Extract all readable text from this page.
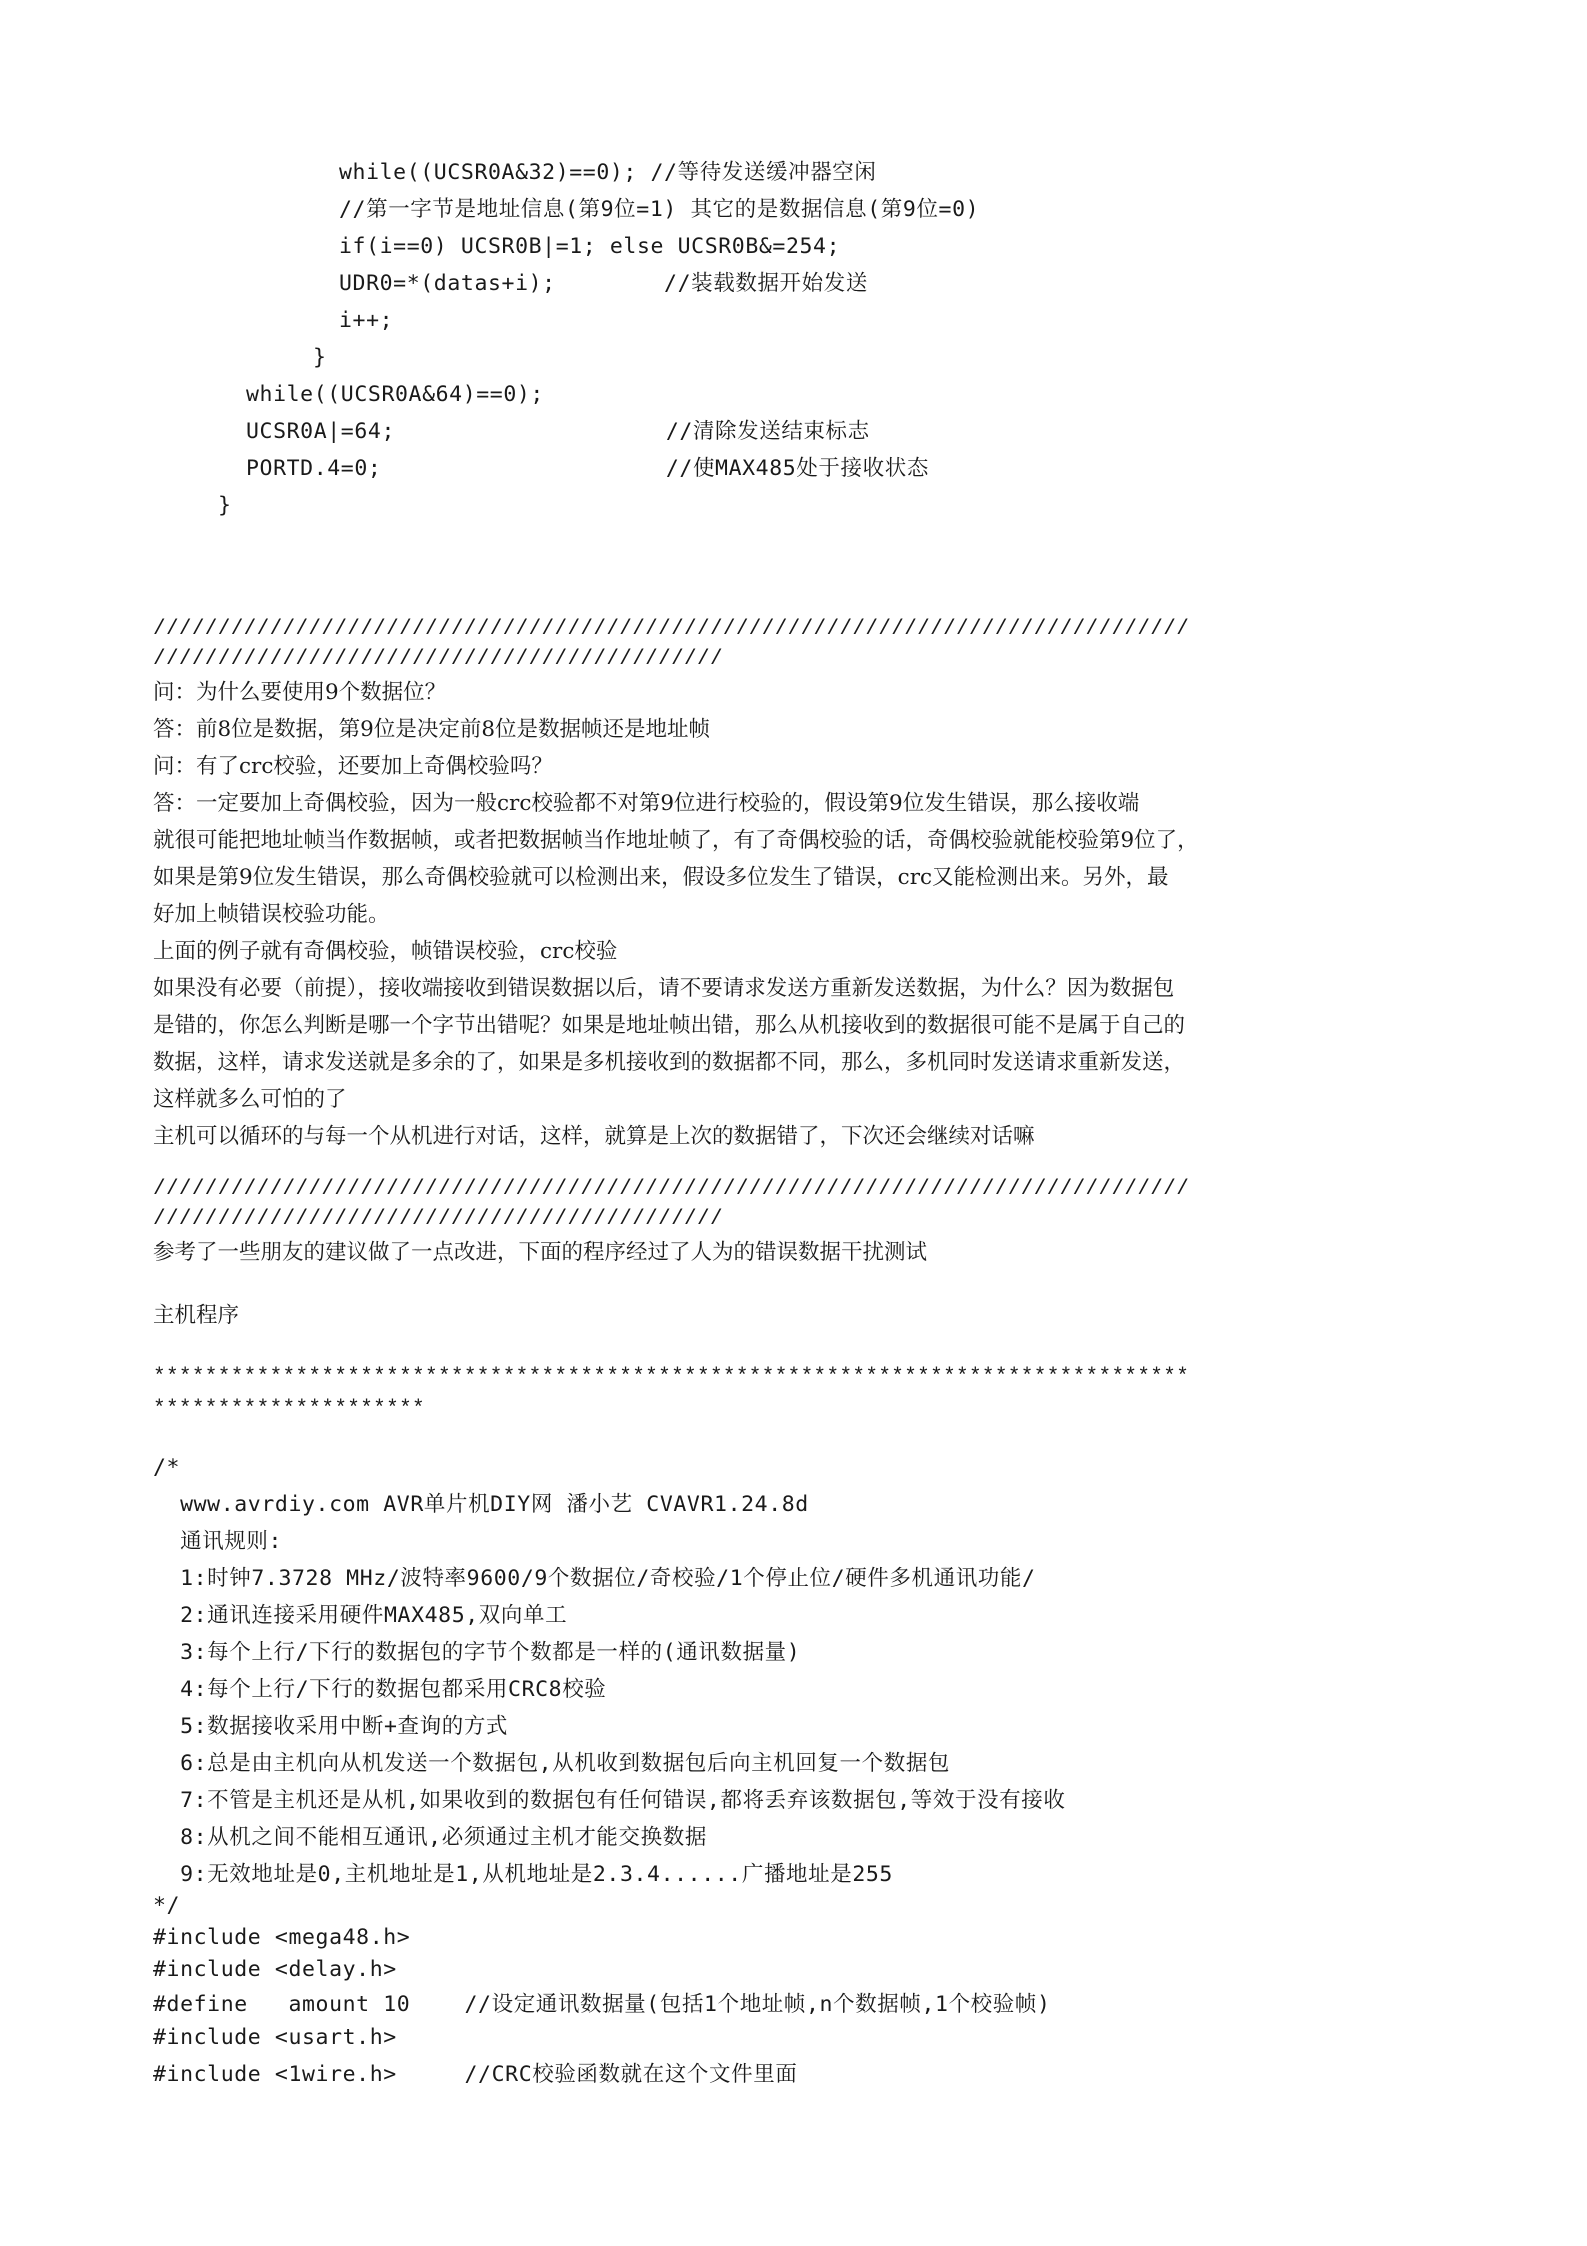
while((UCSR0A&32)==0); //等待发送缓冲器空闲
//第一字节是地址信息(第9位=1) 其它的是数据信息(第9位=0)
if(i==0) UCSR0B|=1; else UCSR0B&=254;
UDR0=*(datas+i);        //装载数据开始发送
i++;
}
while((UCSR0A&64)==0);
UCSR0A|=64;                    //清除发送结束标志
PORTD.4=0;                     //使MAX485处于接收状态
}
////////////////////////////////////////////////////////////////////////////////
////////////////////////////////////////////
问：为什么要使用9个数据位？
答：前8位是数据，第9位是决定前8位是数据帧还是地址帧
问：有了crc校验，还要加上奇偶校验吗？
答：一定要加上奇偶校验，因为一般crc校验都不对第9位进行校验的，假设第9位发生错误，那么接收端
就很可能把地址帧当作数据帧，或者把数据帧当作地址帧了，有了奇偶校验的话，奇偶校验就能校验第9位了，
如果是第9位发生错误，那么奇偶校验就可以检测出来，假设多位发生了错误，crc又能检测出来。另外，最
好加上帧错误校验功能。
上面的例子就有奇偶校验，帧错误校验，crc校验
如果没有必要（前提），接收端接收到错误数据以后，请不要请求发送方重新发送数据，为什么？因为数据包
是错的，你怎么判断是哪一个字节出错呢？如果是地址帧出错，那么从机接收到的数据很可能不是属于自己的
数据，这样，请求发送就是多余的了，如果是多机接收到的数据都不同，那么，多机同时发送请求重新发送，
这样就多么可怕的了
主机可以循环的与每一个从机进行对话，这样，就算是上次的数据错了，下次还会继续对话嘛
////////////////////////////////////////////////////////////////////////////////
////////////////////////////////////////////
参考了一些朋友的建议做了一点改进，下面的程序经过了人为的错误数据干扰测试
主机程序
********************************************************************************
*********************
/*
www.avrdiy.com AVR单片机DIY网 潘小艺 CVAVR1.24.8d
通讯规则:
1:时钟7.3728 MHz/波特率9600/9个数据位/奇校验/1个停止位/硬件多机通讯功能/
2:通讯连接采用硬件MAX485,双向单工
3:每个上行/下行的数据包的字节个数都是一样的(通讯数据量)
4:每个上行/下行的数据包都采用CRC8校验
5:数据接收采用中断+查询的方式
6:总是由主机向从机发送一个数据包,从机收到数据包后向主机回复一个数据包
7:不管是主机还是从机,如果收到的数据包有任何错误,都将丢弃该数据包,等效于没有接收
8:从机之间不能相互通讯,必须通过主机才能交换数据
9:无效地址是0,主机地址是1,从机地址是2.3.4......广播地址是255
*/
#include <mega48.h>
#include <delay.h>
#define   amount 10    //设定通讯数据量(包括1个地址帧,n个数据帧,1个校验帧)
#include <usart.h>
#include <1wire.h>     //CRC校验函数就在这个文件里面
